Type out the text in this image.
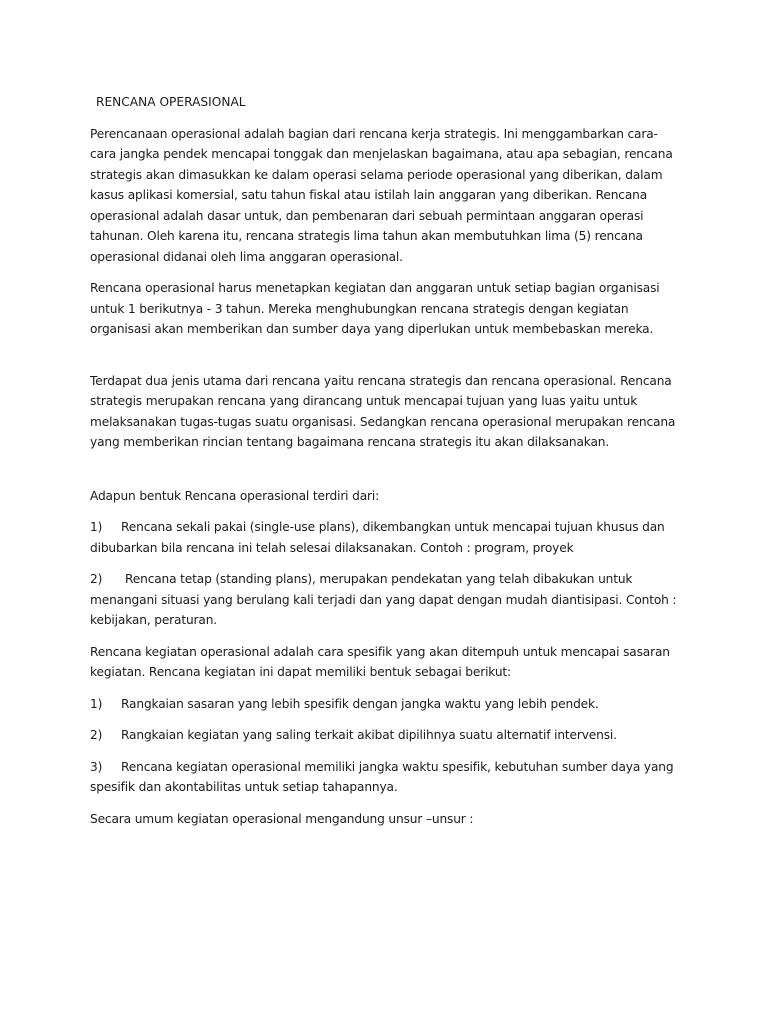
RENCANA OPERASIONAL

Perencanaan operasional adalah bagian dari rencana kerja strategis. Ini menggambarkan cara-cara jangka pendek mencapai tonggak dan menjelaskan bagaimana, atau apa sebagian, rencana strategis akan dimasukkan ke dalam operasi selama periode operasional yang diberikan, dalam kasus aplikasi komersial, satu tahun fiskal atau istilah lain anggaran yang diberikan. Rencana operasional adalah dasar untuk, dan pembenaran dari sebuah permintaan anggaran operasi tahunan. Oleh karena itu, rencana strategis lima tahun akan membutuhkan lima (5) rencana operasional didanai oleh lima anggaran operasional.

Rencana operasional harus menetapkan kegiatan dan anggaran untuk setiap bagian organisasi untuk 1 berikutnya - 3 tahun. Mereka menghubungkan rencana strategis dengan kegiatan organisasi akan memberikan dan sumber daya yang diperlukan untuk membebaskan mereka.

Terdapat dua jenis utama dari rencana yaitu rencana strategis dan rencana operasional. Rencana strategis merupakan rencana yang dirancang untuk mencapai tujuan yang luas yaitu untuk melaksanakan tugas-tugas suatu organisasi. Sedangkan rencana operasional merupakan rencana yang memberikan rincian tentang bagaimana rencana strategis itu akan dilaksanakan.

Adapun bentuk Rencana operasional terdiri dari:

1) Rencana sekali pakai (single-use plans), dikembangkan untuk mencapai tujuan khusus dan dibubarkan bila rencana ini telah selesai dilaksanakan. Contoh : program, proyek

2) Rencana tetap (standing plans), merupakan pendekatan yang telah dibakukan untuk menangani situasi yang berulang kali terjadi dan yang dapat dengan mudah diantisipasi. Contoh : kebijakan, peraturan.

Rencana kegiatan operasional adalah cara spesifik yang akan ditempuh untuk mencapai sasaran kegiatan. Rencana kegiatan ini dapat memiliki bentuk sebagai berikut:

1) Rangkaian sasaran yang lebih spesifik dengan jangka waktu yang lebih pendek.

2) Rangkaian kegiatan yang saling terkait akibat dipilihnya suatu alternatif intervensi.

3) Rencana kegiatan operasional memiliki jangka waktu spesifik, kebutuhan sumber daya yang spesifik dan akontabilitas untuk setiap tahapannya.

Secara umum kegiatan operasional mengandung unsur –unsur :
